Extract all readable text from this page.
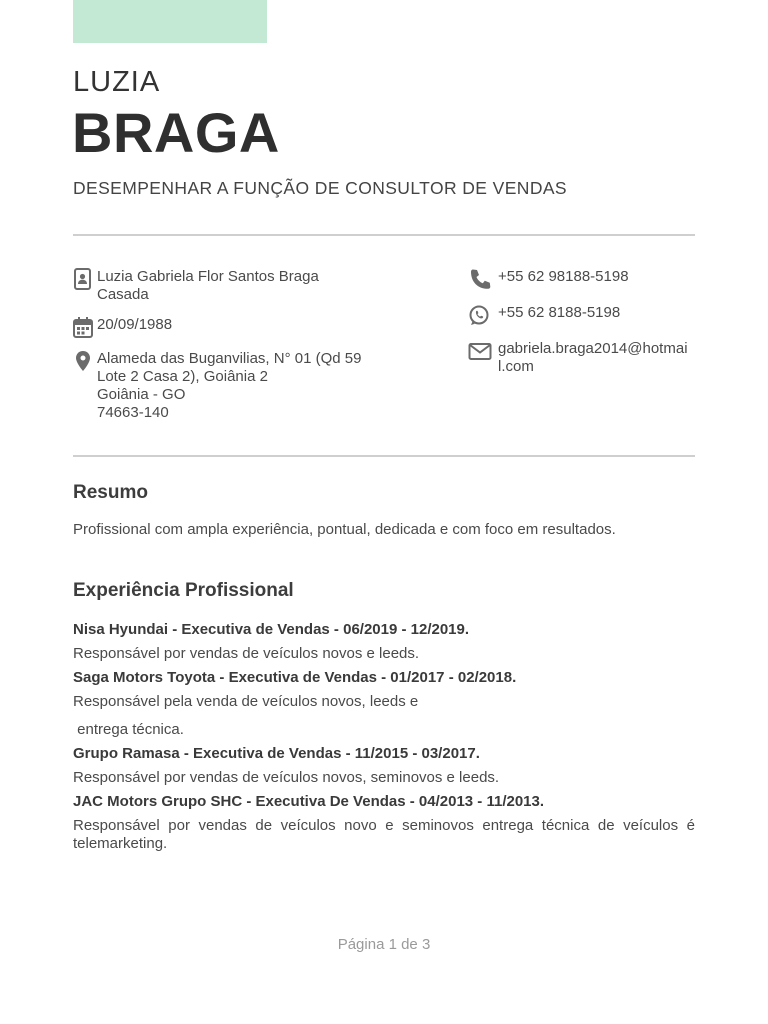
LUZIA
BRAGA
DESEMPENHAR A FUNÇÃO DE CONSULTOR DE VENDAS
Luzia Gabriela Flor Santos Braga
Casada
20/09/1988
Alameda das Buganvilias, N° 01 (Qd 59
Lote 2 Casa 2), Goiânia 2
Goiânia - GO
74663-140
+55 62 98188-5198
+55 62 8188-5198
gabriela.braga2014@hotmail.com
Resumo
Profissional com ampla experiência, pontual, dedicada e com foco em resultados.
Experiência Profissional
Nisa Hyundai - Executiva de Vendas - 06/2019 - 12/2019.
Responsável por vendas de veículos novos e leeds.
Saga Motors Toyota - Executiva de Vendas - 01/2017 - 02/2018.
Responsável pela venda de veículos novos, leeds e
entrega técnica.
Grupo Ramasa - Executiva de Vendas - 11/2015 - 03/2017.
Responsável por vendas de veículos novos, seminovos e leeds.
JAC Motors Grupo SHC - Executiva De Vendas - 04/2013 - 11/2013.
Responsável por vendas de veículos novo e seminovos entrega técnica de veículos é telemarketing.
Página 1 de 3
